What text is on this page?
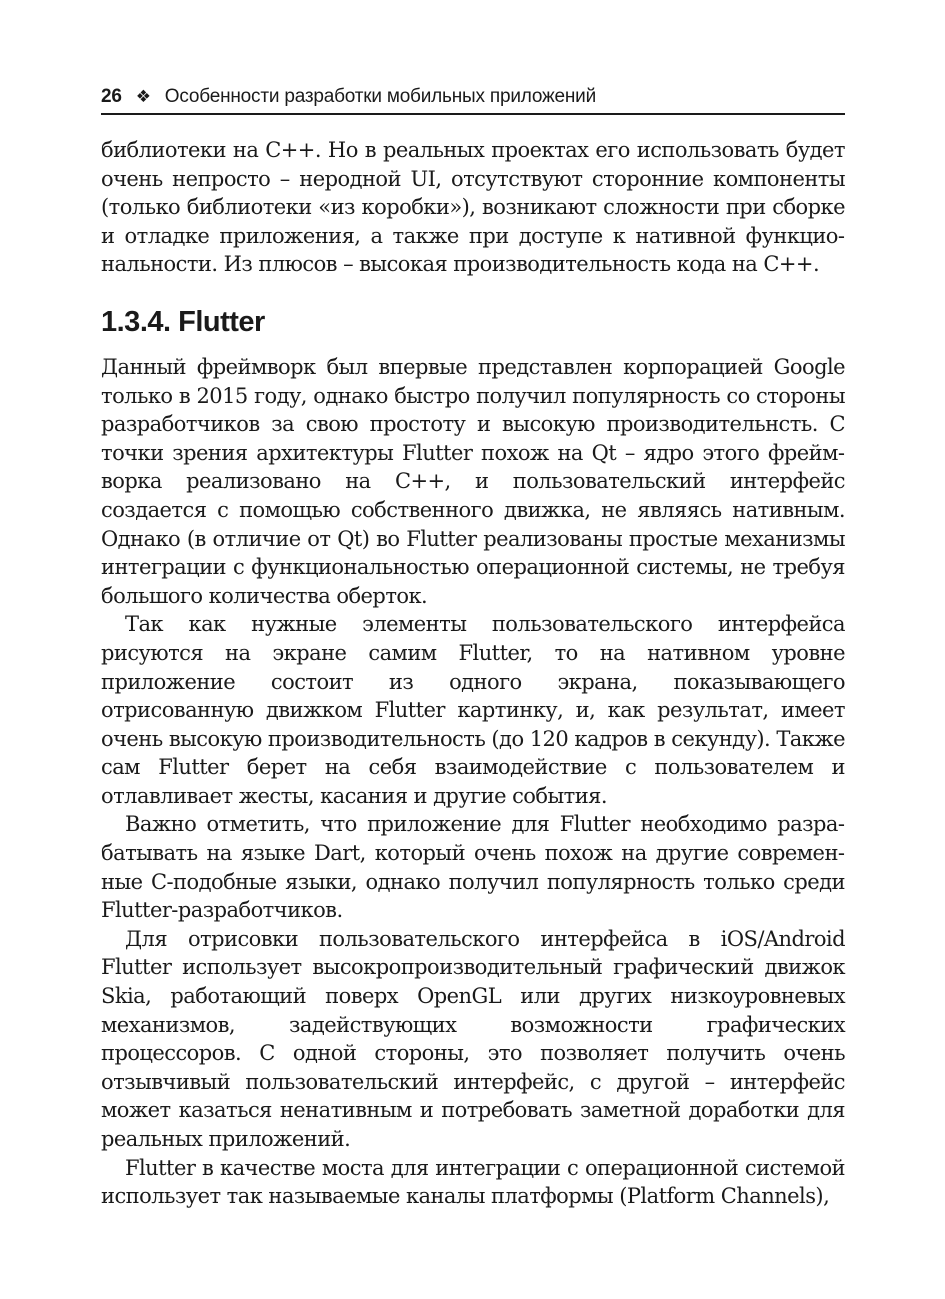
26 ❖ Особенности разработки мобильных приложений

библиотеки на C++. Но в реальных проектах его использовать будет очень непросто – неродной UI, отсутствуют сторонние компоненты (только библиотеки «из коробки»), возникают сложности при сборке и отладке приложения, а также при доступе к нативной функциональности. Из плюсов – высокая производительность кода на C++.

1.3.4. Flutter

Данный фреймворк был впервые представлен корпорацией Google только в 2015 году, однако быстро получил популярность со стороны разработчиков за свою простоту и высокую производительнсть. С точки зрения архитектуры Flutter похож на Qt – ядро этого фреймворка реализовано на C++, и пользовательский интерфейс создается с помощью собственного движка, не являясь нативным. Однако (в отличие от Qt) во Flutter реализованы простые механизмы интеграции с функциональностью операционной системы, не требуя большого количества оберток.

Так как нужные элементы пользовательского интерфейса рисуются на экране самим Flutter, то на нативном уровне приложение состоит из одного экрана, показывающего отрисованную движком Flutter картинку, и, как результат, имеет очень высокую производительность (до 120 кадров в секунду). Также сам Flutter берет на себя взаимодействие с пользователем и отлавливает жесты, касания и другие события.

Важно отметить, что приложение для Flutter необходимо разрабатывать на языке Dart, который очень похож на другие современные C-подобные языки, однако получил популярность только среди Flutter-разработчиков.

Для отрисовки пользовательского интерфейса в iOS/Android Flutter использует высокропроизводительный графический движок Skia, работающий поверх OpenGL или других низкоуровневых механизмов, задействующих возможности графических процессоров. С одной стороны, это позволяет получить очень отзывчивый пользовательский интерфейс, с другой – интерфейс может казаться ненативным и потребовать заметной доработки для реальных приложений.

Flutter в качестве моста для интеграции с операционной системой использует так называемые каналы платформы (Platform Channels),
